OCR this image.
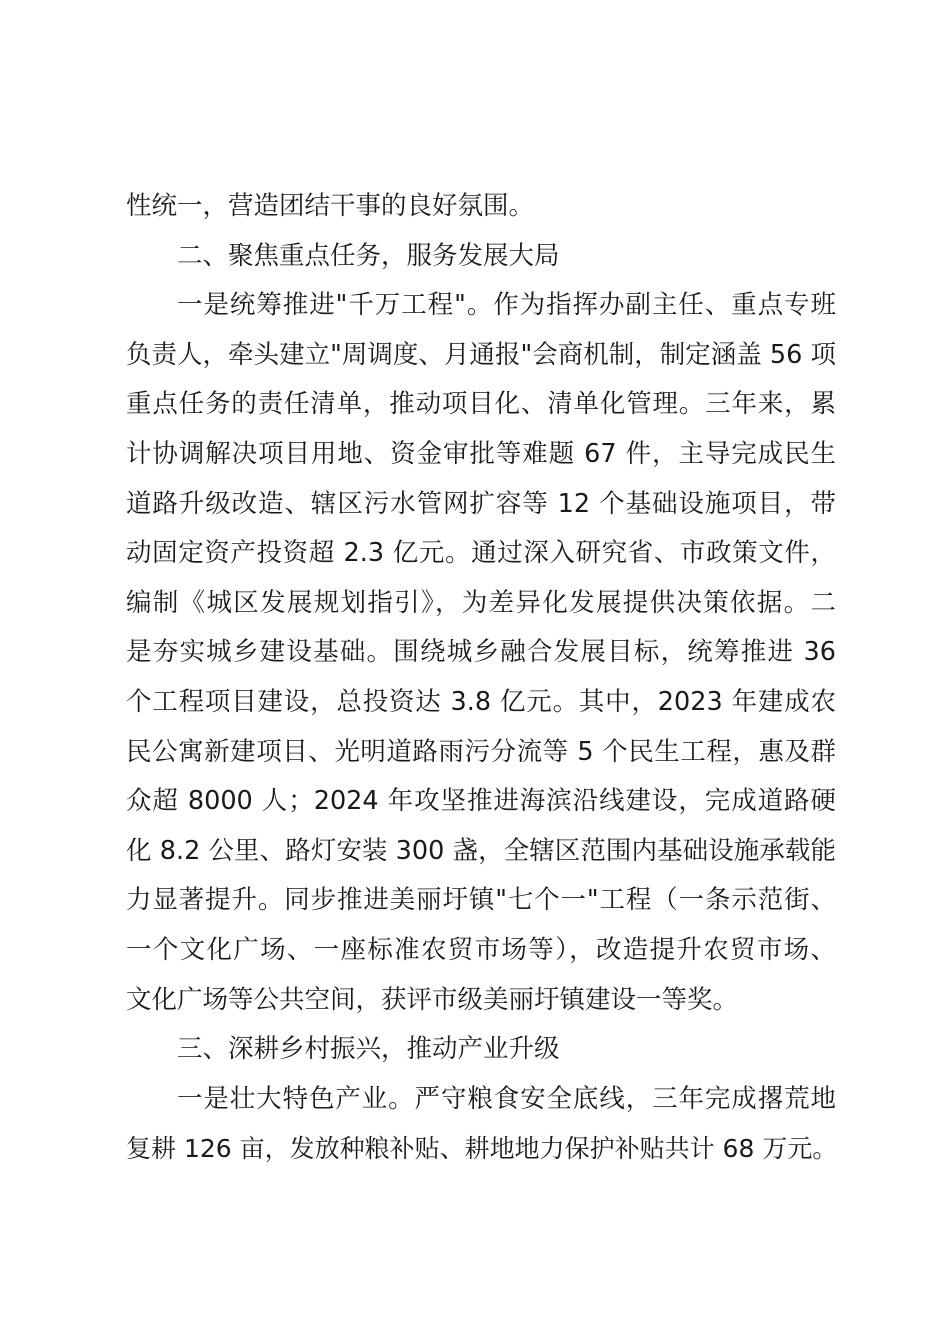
性统一，营造团结干事的良好氛围。
二、聚焦重点任务，服务发展大局
一是统筹推进"千万工程"。作为指挥办副主任、重点专班
负责人，牵头建立"周调度、月通报"会商机制，制定涵盖 56 项
重点任务的责任清单，推动项目化、清单化管理。三年来，累
计协调解决项目用地、资金审批等难题 67 件，主导完成民生
道路升级改造、辖区污水管网扩容等 12 个基础设施项目，带
动固定资产投资超 2.3 亿元。通过深入研究省、市政策文件，
编制《城区发展规划指引》，为差异化发展提供决策依据。二
是夯实城乡建设基础。围绕城乡融合发展目标，统筹推进 36
个工程项目建设，总投资达 3.8 亿元。其中，2023 年建成农
民公寓新建项目、光明道路雨污分流等 5 个民生工程，惠及群
众超 8000 人；2024 年攻坚推进海滨沿线建设，完成道路硬
化 8.2 公里、路灯安装 300 盏，全辖区范围内基础设施承载能
力显著提升。同步推进美丽圩镇"七个一"工程（一条示范街、
一个文化广场、一座标准农贸市场等），改造提升农贸市场、
文化广场等公共空间，获评市级美丽圩镇建设一等奖。
三、深耕乡村振兴，推动产业升级
一是壮大特色产业。严守粮食安全底线，三年完成撂荒地
复耕 126 亩，发放种粮补贴、耕地地力保护补贴共计 68 万元。
